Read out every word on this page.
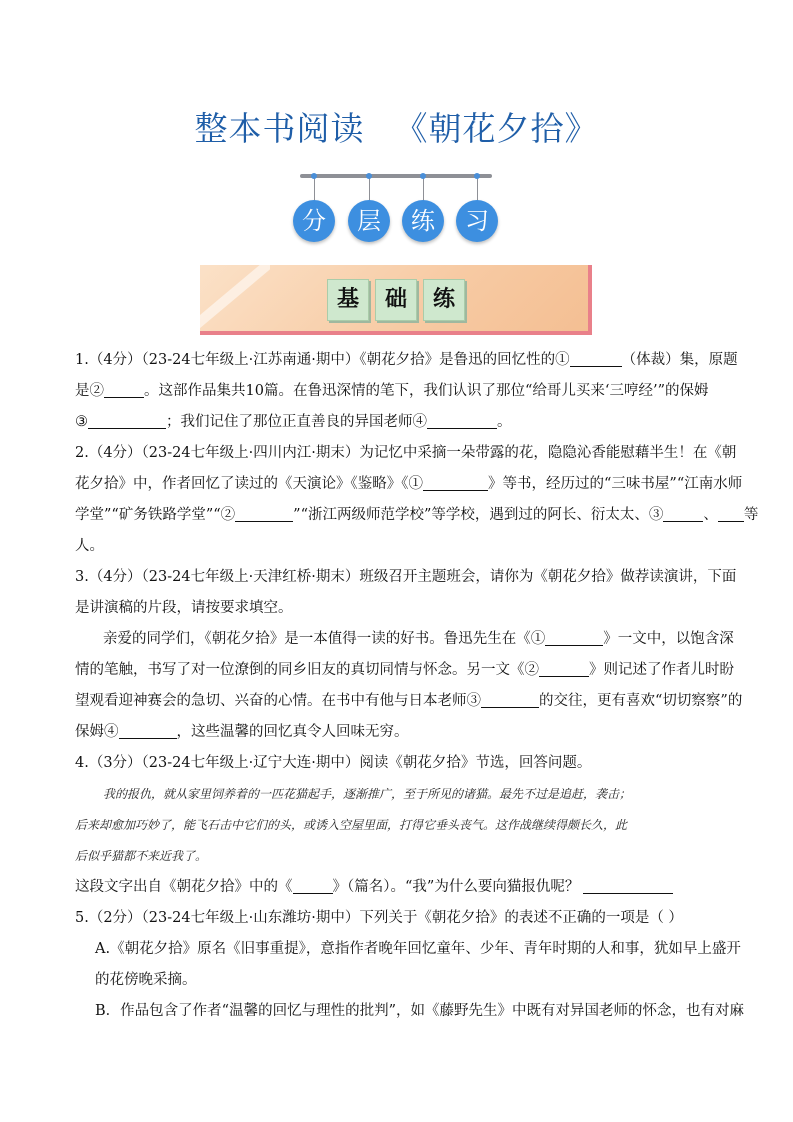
整本书阅读 《朝花夕拾》
分	层	练	习
基	础	练
1.（4分）（23-24七年级上·江苏南通·期中）《朝花夕拾》是鲁迅的回忆性的①	（体裁）集，原题
是②	。这部作品集共10篇。在鲁迅深情的笔下，我们认识了那位“给哥儿买来‘三哼经’”的保姆
③	；我们记住了那位正直善良的异国老师④	。
2.（4分）（23-24七年级上·四川内江·期末）为记忆中采摘一朵带露的花，隐隐沁香能慰藉半生！在《朝
花夕拾》中，作者回忆了读过的《天演论》《鉴略》《①	》等书，经历过的“三味书屋”“江南水师
学堂”“矿务铁路学堂”“②	”“浙江两级师范学校”等学校，遇到过的阿长、衍太太、③	、 等
人。
3.（4分）（23-24七年级上·天津红桥·期末）班级召开主题班会，请你为《朝花夕拾》做荐读演讲，下面
是讲演稿的片段，请按要求填空。
亲爱的同学们，《朝花夕拾》是一本值得一读的好书。鲁迅先生在《①	》一文中，以饱含深
情的笔触，书写了对一位潦倒的同乡旧友的真切同情与怀念。另一文《②	》则记述了作者儿时盼
望观看迎神赛会的急切、兴奋的心情。在书中有他与日本老师③	的交往，更有喜欢“切切察察”的
保姆④	，这些温馨的回忆真令人回味无穷。
4.（3分）（23-24七年级上·辽宁大连·期中）阅读《朝花夕拾》节选，回答问题。
我的报仇，就从家里饲养着的一匹花猫起手，逐渐推广，至于所见的诸猫。最先不过是追赶，袭击；
后来却愈加巧妙了，能飞石击中它们的头，或诱入空屋里面，打得它垂头丧气。这作战继续得颇长久，此
后似乎猫都不来近我了。
这段文字出自《朝花夕拾》中的《	》（篇名）。“我”为什么要向猫报仇呢？
5.（2分）（23-24七年级上·山东潍坊·期中）下列关于《朝花夕拾》的表述不正确的一项是（ ）
A.《朝花夕拾》原名《旧事重提》，意指作者晚年回忆童年、少年、青年时期的人和事，犹如早上盛开
的花傍晚采摘。
B．作品包含了作者“温馨的回忆与理性的批判”，如《藤野先生》中既有对异国老师的怀念，也有对麻
